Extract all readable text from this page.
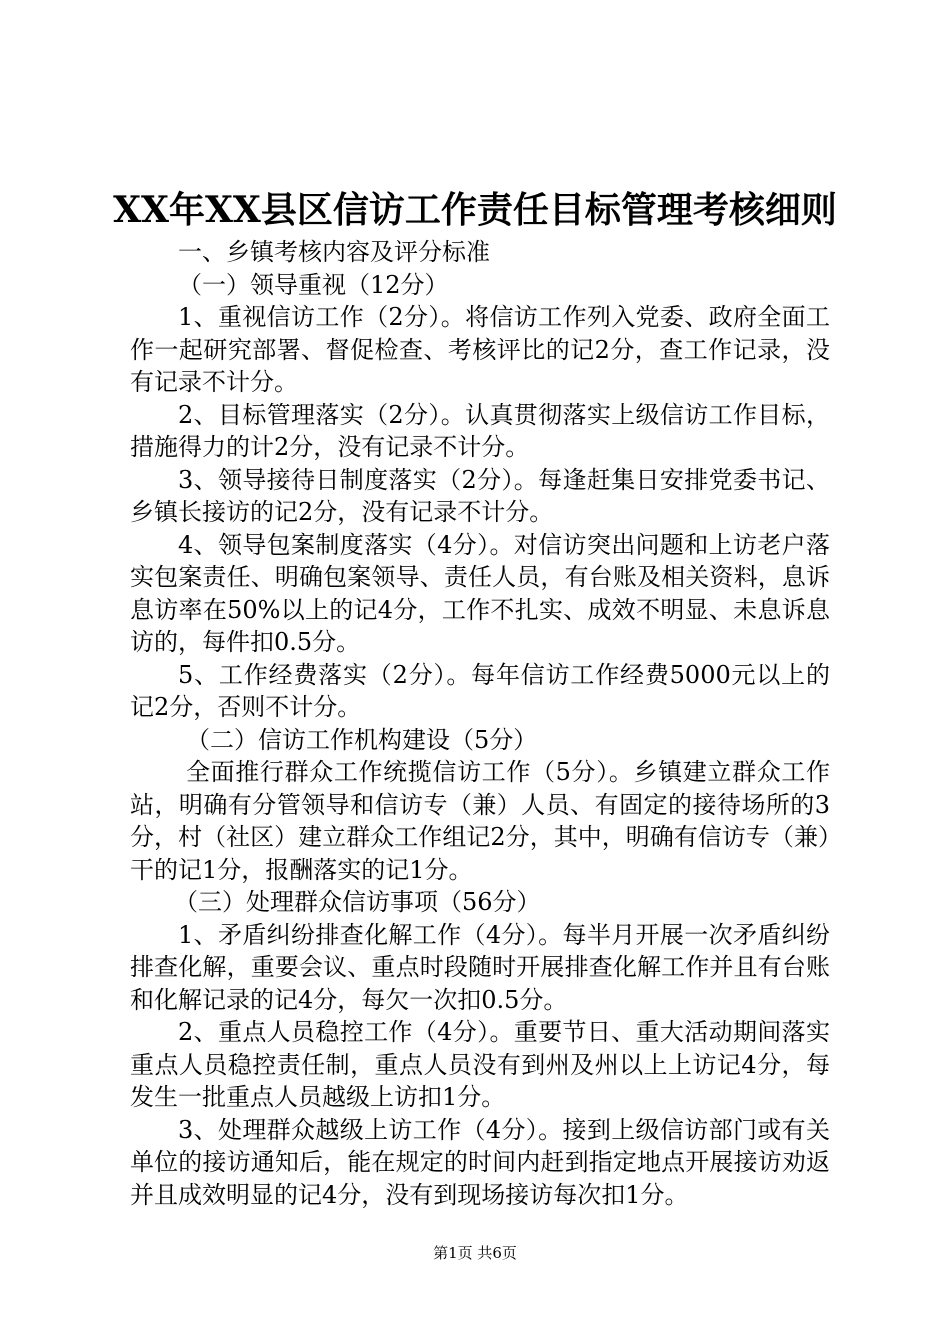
XX年XX县区信访工作责任目标管理考核细则

一、乡镇考核内容及评分标准

（一）领导重视（12分）

1、重视信访工作（2分）。将信访工作列入党委、政府全面工作一起研究部署、督促检查、考核评比的记2分，查工作记录，没有记录不计分。

2、目标管理落实（2分）。认真贯彻落实上级信访工作目标，措施得力的计2分，没有记录不计分。

3、领导接待日制度落实（2分）。每逢赶集日安排党委书记、乡镇长接访的记2分，没有记录不计分。

4、领导包案制度落实（4分）。对信访突出问题和上访老户落实包案责任、明确包案领导、责任人员，有台账及相关资料，息诉息访率在50%以上的记4分，工作不扎实、成效不明显、未息诉息访的，每件扣0.5分。

5、工作经费落实（2分）。每年信访工作经费5000元以上的记2分，否则不计分。

（二）信访工作机构建设（5分）

全面推行群众工作统揽信访工作（5分）。乡镇建立群众工作站，明确有分管领导和信访专（兼）人员、有固定的接待场所的3分，村（社区）建立群众工作组记2分，其中，明确有信访专（兼）干的记1分，报酬落实的记1分。

（三）处理群众信访事项（56分）

1、矛盾纠纷排查化解工作（4分）。每半月开展一次矛盾纠纷排查化解，重要会议、重点时段随时开展排查化解工作并且有台账和化解记录的记4分，每欠一次扣0.5分。

2、重点人员稳控工作（4分）。重要节日、重大活动期间落实重点人员稳控责任制，重点人员没有到州及州以上上访记4分，每发生一批重点人员越级上访扣1分。

3、处理群众越级上访工作（4分）。接到上级信访部门或有关单位的接访通知后，能在规定的时间内赶到指定地点开展接访劝返并且成效明显的记4分，没有到现场接访每次扣1分。

第1页 共6页
